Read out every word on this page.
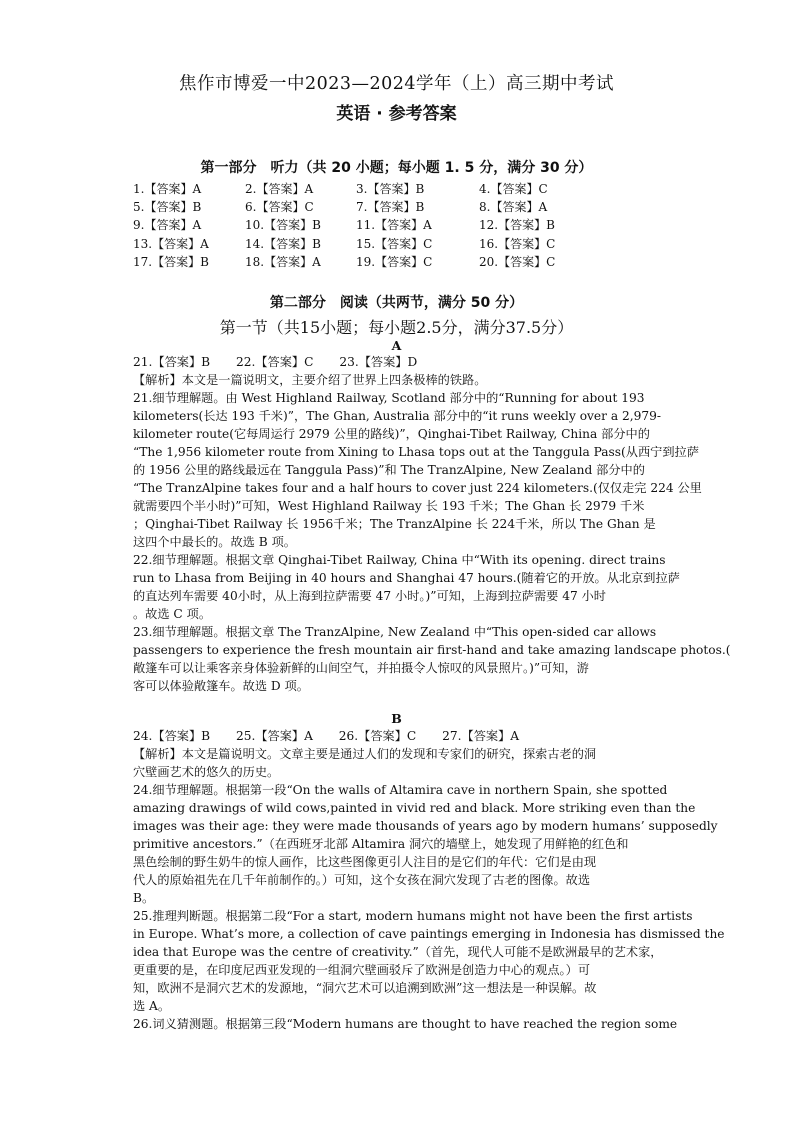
焦作市博爱一中2023—2024学年（上）高三期中考试
英语 · 参考答案
第一部分　听力（共 20 小题；每小题 1. 5 分，满分 30 分）
1.【答案】A	2.【答案】A	3.【答案】B	4.【答案】C
5.【答案】B	6.【答案】C	7.【答案】B	8.【答案】A
9.【答案】A	10.【答案】B	11.【答案】A	12.【答案】B
13.【答案】A	14.【答案】B	15.【答案】C	16.【答案】C
17.【答案】B	18.【答案】A	19.【答案】C	20.【答案】C
第二部分　阅读（共两节，满分 50 分）
第一节（共15小题；每小题2.5分，满分37.5分）
A
21.【答案】B 22.【答案】C 23.【答案】D
【解析】本文是一篇说明文，主要介绍了世界上四条极棒的铁路。
21.细节理解题。由 West Highland Railway, Scotland 部分中的“Running for about 193
kilometers(长达 193 千米)”，The Ghan, Australia 部分中的“it runs weekly over a 2,979-
kilometer route(它每周运行 2979 公里的路线)”，Qinghai-Tibet Railway, China 部分中的
“The 1,956 kilometer route from Xining to Lhasa tops out at the Tanggula Pass(从西宁到拉萨
的 1956 公里的路线最远在 Tanggula Pass)”和 The TranzAlpine, New Zealand 部分中的
“The TranzAlpine takes four and a half hours to cover just 224 kilometers.(仅仅走完 224 公里
就需要四个半小时)”可知，West Highland Railway 长 193 千米；The Ghan 长 2979 千米
；Qinghai-Tibet Railway 长 1956千米；The TranzAlpine 长 224千米，所以 The Ghan 是
这四个中最长的。故选 B 项。
22.细节理解题。根据文章 Qinghai-Tibet Railway, China 中“With its opening. direct trains
run to Lhasa from Beijing in 40 hours and Shanghai 47 hours.(随着它的开放。从北京到拉萨
的直达列车需要 40小时，从上海到拉萨需要 47 小时。)”可知，上海到拉萨需要 47 小时
。故选 C 项。
23.细节理解题。根据文章 The TranzAlpine, New Zealand 中“This open-sided car allows
passengers to experience the fresh mountain air first-hand and take amazing landscape photos.(
敞篷车可以让乘客亲身体验新鲜的山间空气，并拍摄令人惊叹的风景照片。)”可知，游
客可以体验敞篷车。故选 D 项。
B
24.【答案】B 25.【答案】A 26.【答案】C 27.【答案】A
【解析】本文是篇说明文。文章主要是通过人们的发现和专家们的研究，探索古老的洞
穴壁画艺术的悠久的历史。
24.细节理解题。根据第一段“On the walls of Altamira cave in northern Spain, she spotted
amazing drawings of wild cows,painted in vivid red and black. More striking even than the
images was their age: they were made thousands of years ago by modern humans’ supposedly
primitive ancestors.”（在西班牙北部 Altamira 洞穴的墙壁上，她发现了用鲜艳的红色和
黑色绘制的野生奶牛的惊人画作，比这些图像更引人注目的是它们的年代：它们是由现
代人的原始祖先在几千年前制作的。）可知，这个女孩在洞穴发现了古老的图像。故选
B。
25.推理判断题。根据第二段“For a start, modern humans might not have been the first artists
in Europe. What’s more, a collection of cave paintings emerging in Indonesia has dismissed the
idea that Europe was the centre of creativity.”（首先，现代人可能不是欧洲最早的艺术家，
更重要的是，在印度尼西亚发现的一组洞穴壁画驳斥了欧洲是创造力中心的观点。）可
知，欧洲不是洞穴艺术的发源地，“洞穴艺术可以追溯到欧洲”这一想法是一种误解。故
选 A。
26.词义猜测题。根据第三段“Modern humans are thought to have reached the region some
